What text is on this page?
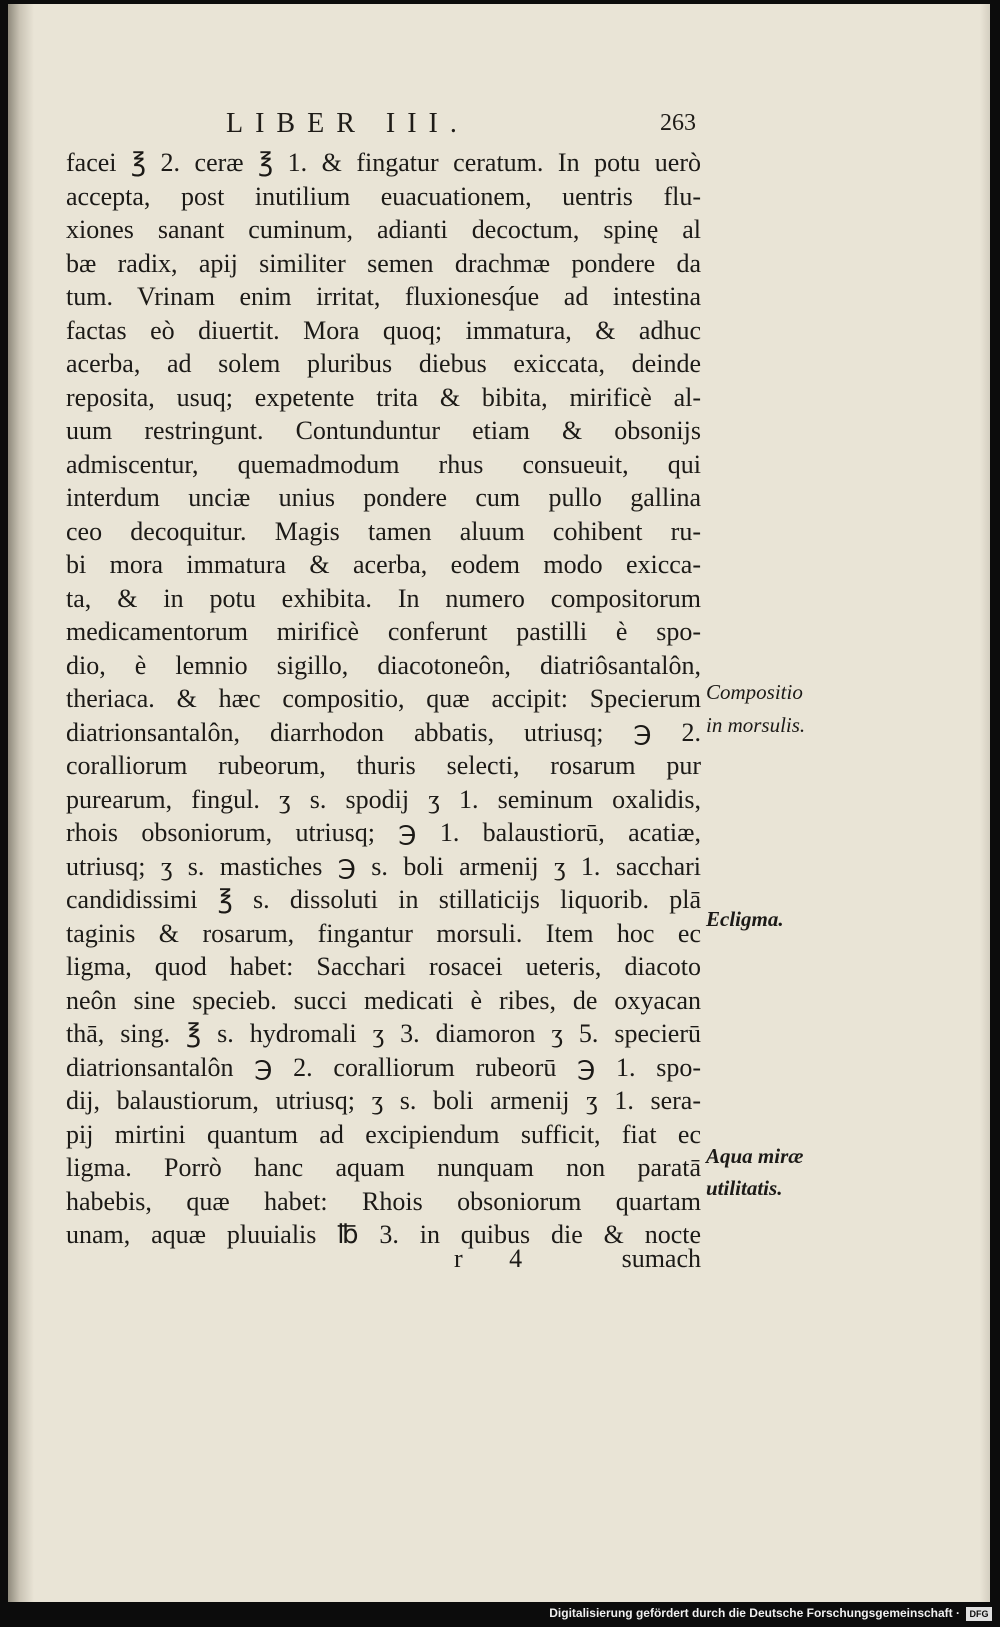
LIBER III.	263
facei ℥ 2. ceræ ℥ 1. & fingatur ceratum. In potu uerò
accepta, post inutilium euacuationem, uentris flu-
xiones sanant cuminum, adianti decoctum, spinę al
bæ radix, apij similiter semen drachmæ pondere da
tum. Vrinam enim irritat, fluxionesq́ue ad intestina
factas eò diuertit. Mora quoq; immatura, & adhuc
acerba, ad solem pluribus diebus exiccata, deinde
reposita, usuq; expetente trita & bibita, mirificè al-
uum restringunt. Contunduntur etiam & obsonijs
admiscentur, quemadmodum rhus consueuit, qui
interdum unciæ unius pondere cum pullo gallina
ceo decoquitur. Magis tamen aluum cohibent ru-
bi mora immatura & acerba, eodem modo exicca-
ta, & in potu exhibita. In numero compositorum
medicamentorum mirificè conferunt pastilli è spo-
dio, è lemnio sigillo, diacotoneôn, diatriôsantalôn,
theriaca. & hæc compositio, quæ accipit: Specierum
diatrionsantalôn, diarrhodon abbatis, utriusq; ℈ 2.
coralliorum rubeorum, thuris selecti, rosarum pur
purearum, fingul. ʒ s. spodij ʒ 1. seminum oxalidis,
rhois obsoniorum, utriusq; ℈ 1. balaustiorū, acatiæ,
utriusq; ʒ s. mastiches ℈ s. boli armenij ʒ 1. sacchari
candidissimi ℥ s. dissoluti in stillaticijs liquorib. plā
taginis & rosarum, fingantur morsuli. Item hoc ec
ligma, quod habet: Sacchari rosacei ueteris, diacoto
neôn sine specieb. succi medicati è ribes, de oxyacan
thā, sing. ℥ s. hydromali ʒ 3. diamoron ʒ 5. specierū
diatrionsantalôn ℈ 2. coralliorum rubeorū ℈ 1. spo-
dij, balaustiorum, utriusq; ʒ s. boli armenij ʒ 1. sera-
pij mirtini quantum ad excipiendum sufficit, fiat ec
ligma. Porrò hanc aquam nunquam non paratā
habebis, quæ habet: Rhois obsoniorum quartam
unam, aquæ pluuialis ℔ 3. in quibus die & nocte
Compositio
in morsulis.
Ecligma.
Aqua miræ
utilitatis.
r 4	sumach
Digitalisierung gefördert durch die Deutsche Forschungsgemeinschaft ·	DFG
